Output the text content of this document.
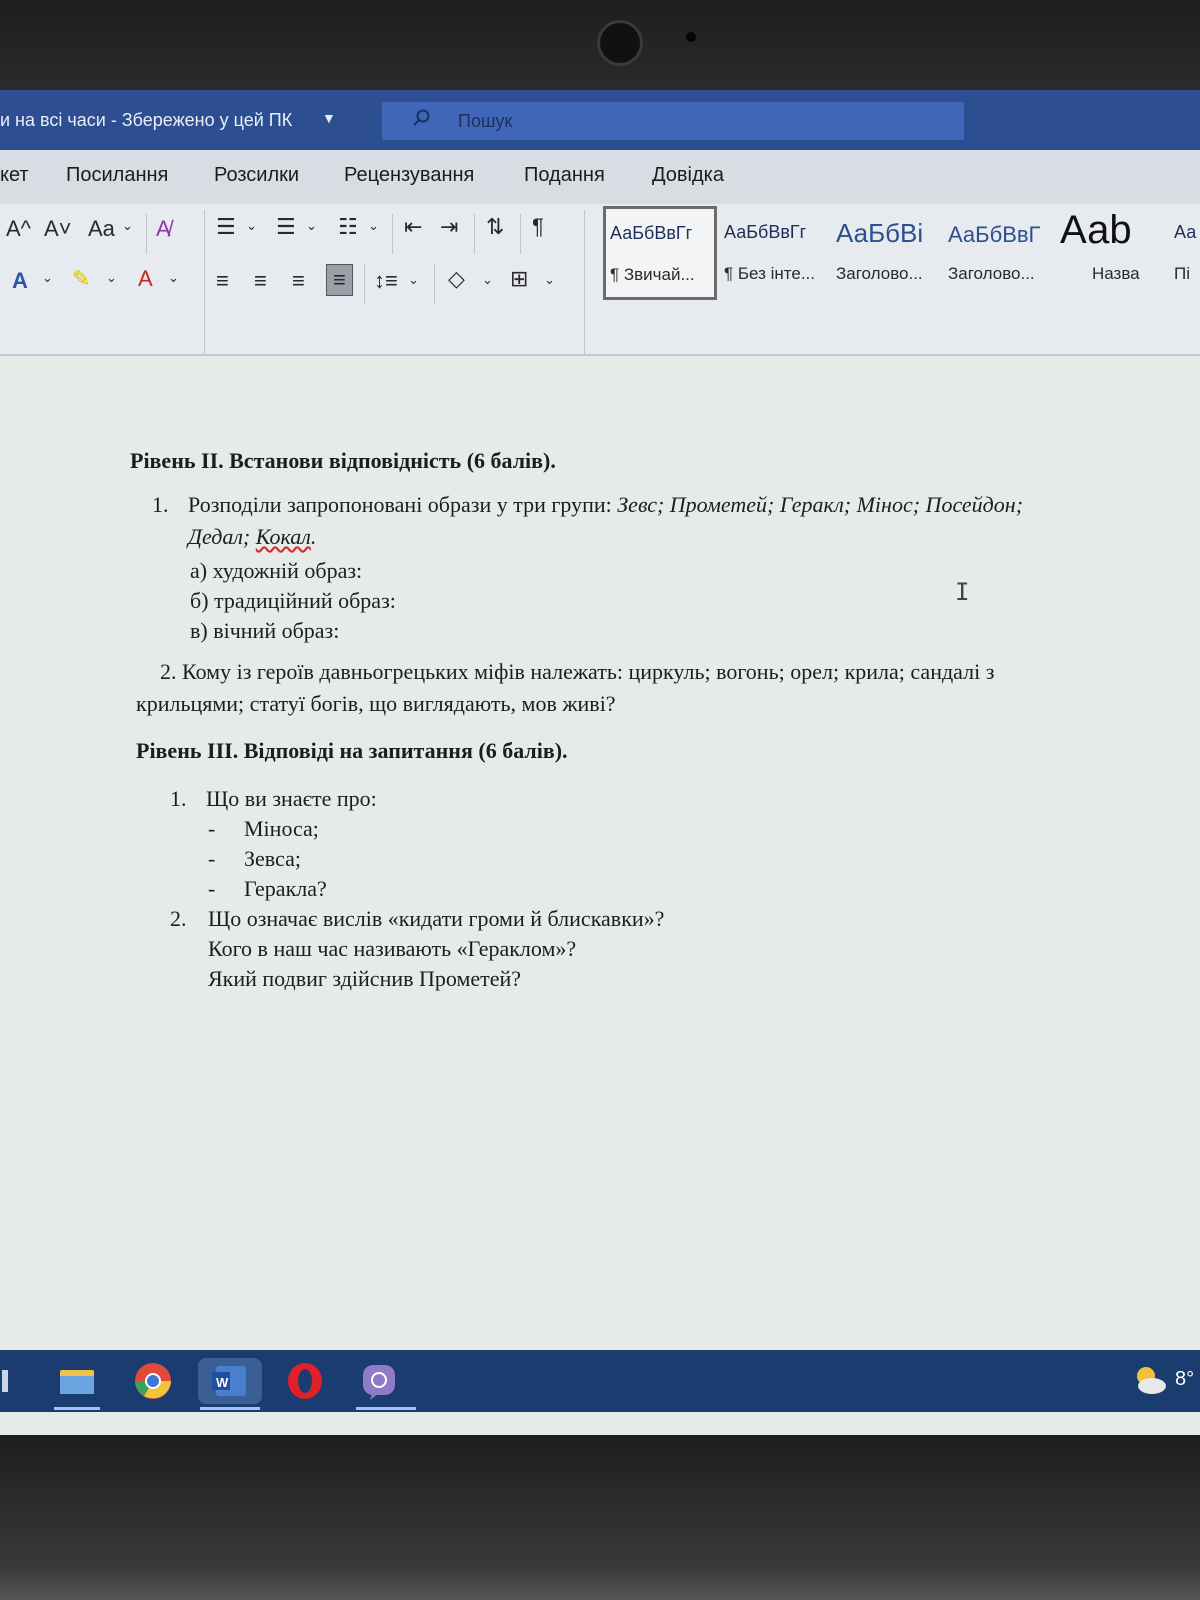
и на всі часи - Збережено у цей ПК ▼	Пошук
кет Посилання Розсилки Рецензування Подання Довідка
A^ A˅ Aa ⌄ A̸
A ⌄ ✎ ⌄ A ⌄
☰ ⌄ ☰ ⌄ ☷ ⌄ ⇤ ⇥ ⇅ ¶
≡ ≡ ≡	≡	↕≡ ⌄ ◇ ⌄ ⊞ ⌄
АаБбВвГг
¶ Звичай...
АаБбВвГг
¶ Без інте...
АаБбВі
Заголово...
АаБбВвГ
Заголово...
Ааb
Назва
Аа
Пі
Рівень ІІ. Встанови відповідність (6 балів).
1. Розподіли запропоновані образи у три групи: Зевс; Прометей; Геракл; Мінос; Посейдон;
Дедал; Кокал.
а) художній образ:
б) традиційний образ:
в) вічний образ:
2. Кому із героїв давньогрецьких міфів належать: циркуль; вогонь; орел; крила; сандалі з
крильцями; статуї богів, що виглядають, мов живі?
Рівень ІІІ. Відповіді на запитання (6 балів).
1. Що ви знаєте про:
- Міноса;
- Зевса;
- Геракла?
2. Що означає вислів «кидати громи й блискавки»?
Кого в наш час називають «Гераклом»?
Який подвиг здійснив Прометей?
I
W	8°
